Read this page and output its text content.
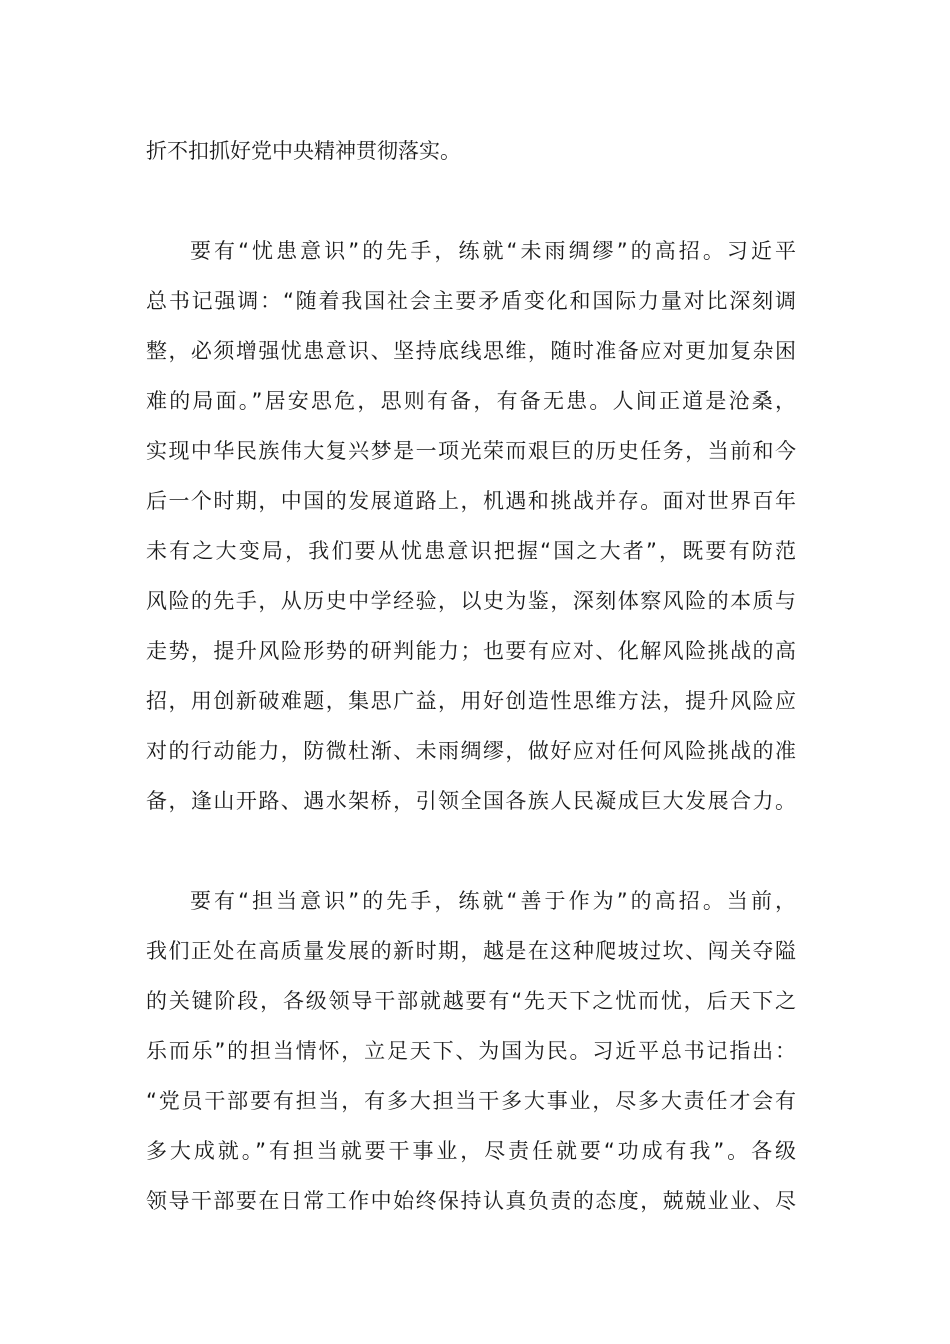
折不扣抓好党中央精神贯彻落实。
要有“忧患意识”的先手，练就“未雨绸缪”的高招。习近平
总书记强调：“随着我国社会主要矛盾变化和国际力量对比深刻调
整，必须增强忧患意识、坚持底线思维，随时准备应对更加复杂困
难的局面。”居安思危，思则有备，有备无患。人间正道是沧桑，
实现中华民族伟大复兴梦是一项光荣而艰巨的历史任务，当前和今
后一个时期，中国的发展道路上，机遇和挑战并存。面对世界百年
未有之大变局，我们要从忧患意识把握“国之大者”，既要有防范
风险的先手，从历史中学经验，以史为鉴，深刻体察风险的本质与
走势，提升风险形势的研判能力；也要有应对、化解风险挑战的高
招，用创新破难题，集思广益，用好创造性思维方法，提升风险应
对的行动能力，防微杜渐、未雨绸缪，做好应对任何风险挑战的准
备，逢山开路、遇水架桥，引领全国各族人民凝成巨大发展合力。
要有“担当意识”的先手，练就“善于作为”的高招。当前，
我们正处在高质量发展的新时期，越是在这种爬坡过坎、闯关夺隘
的关键阶段，各级领导干部就越要有“先天下之忧而忧，后天下之
乐而乐”的担当情怀，立足天下、为国为民。习近平总书记指出：
“党员干部要有担当，有多大担当干多大事业，尽多大责任才会有
多大成就。”有担当就要干事业，尽责任就要“功成有我”。各级
领导干部要在日常工作中始终保持认真负责的态度，兢兢业业、尽
